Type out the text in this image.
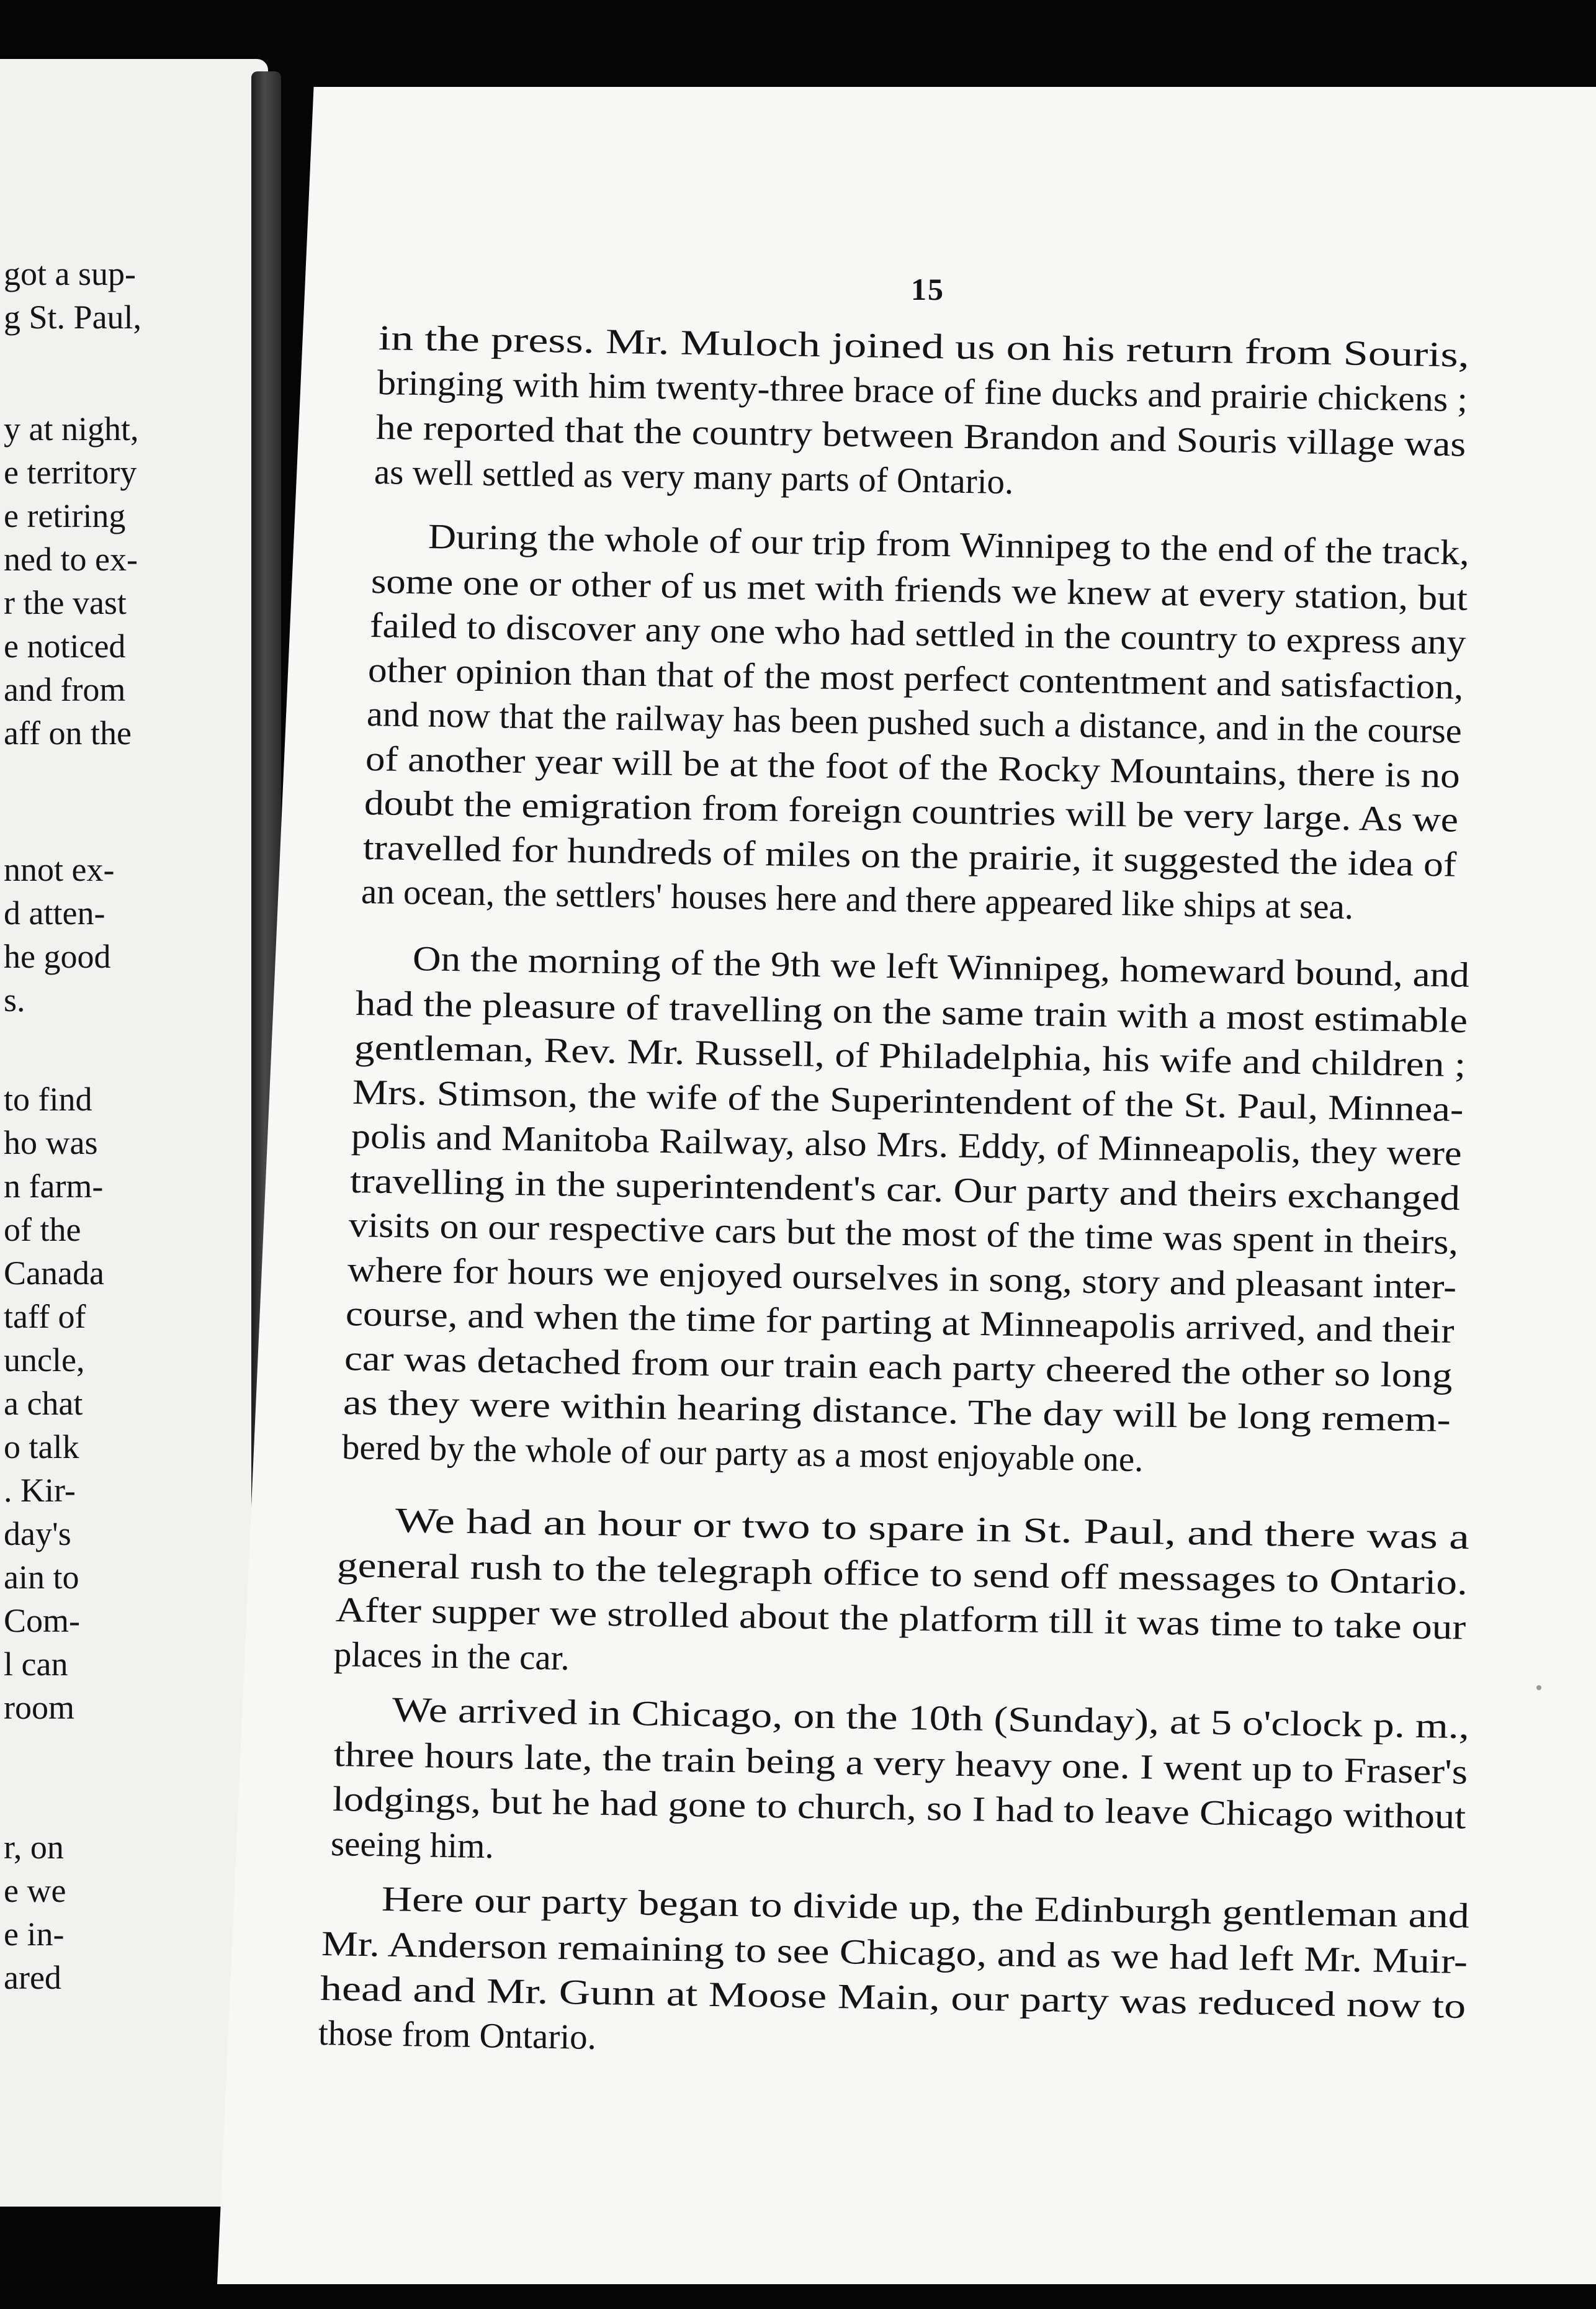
got a sup-

g St. Paul,

y at night,

e territory

e retiring

ned to ex-

r the vast

e noticed

and from

aff on the

nnot ex-

d atten-

he good

s.

to find

ho was

n farm-

of the

Canada

taff of

uncle,

a chat

o talk

. Kir-

day's

ain to

Com-

l can

room

r, on

e we

e in-

ared

15

in the press. Mr. Muloch joined us on his return from Souris,

bringing with him twenty-three brace of fine ducks and prairie chickens ;

he reported that the country between Brandon and Souris village was

as well settled as very many parts of Ontario.

During the whole of our trip from Winnipeg to the end of the track,

some one or other of us met with friends we knew at every station, but

failed to discover any one who had settled in the country to express any

other opinion than that of the most perfect contentment and satisfaction,

and now that the railway has been pushed such a distance, and in the course

of another year will be at the foot of the Rocky Mountains, there is no

doubt the emigration from foreign countries will be very large. As we

travelled for hundreds of miles on the prairie, it suggested the idea of

an ocean, the settlers' houses here and there appeared like ships at sea.

On the morning of the 9th we left Winnipeg, homeward bound, and

had the pleasure of travelling on the same train with a most estimable

gentleman, Rev. Mr. Russell, of Philadelphia, his wife and children ;

Mrs. Stimson, the wife of the Superintendent of the St. Paul, Minnea-

polis and Manitoba Railway, also Mrs. Eddy, of Minneapolis, they were

travelling in the superintendent's car. Our party and theirs exchanged

visits on our respective cars but the most of the time was spent in theirs,

where for hours we enjoyed ourselves in song, story and pleasant inter-

course, and when the time for parting at Minneapolis arrived, and their

car was detached from our train each party cheered the other so long

as they were within hearing distance. The day will be long remem-

bered by the whole of our party as a most enjoyable one.

We had an hour or two to spare in St. Paul, and there was a

general rush to the telegraph office to send off messages to Ontario.

After supper we strolled about the platform till it was time to take our

places in the car.

We arrived in Chicago, on the 10th (Sunday), at 5 o'clock p. m.,

three hours late, the train being a very heavy one. I went up to Fraser's

lodgings, but he had gone to church, so I had to leave Chicago without

seeing him.

Here our party began to divide up, the Edinburgh gentleman and

Mr. Anderson remaining to see Chicago, and as we had left Mr. Muir-

head and Mr. Gunn at Moose Main, our party was reduced now to

those from Ontario.
